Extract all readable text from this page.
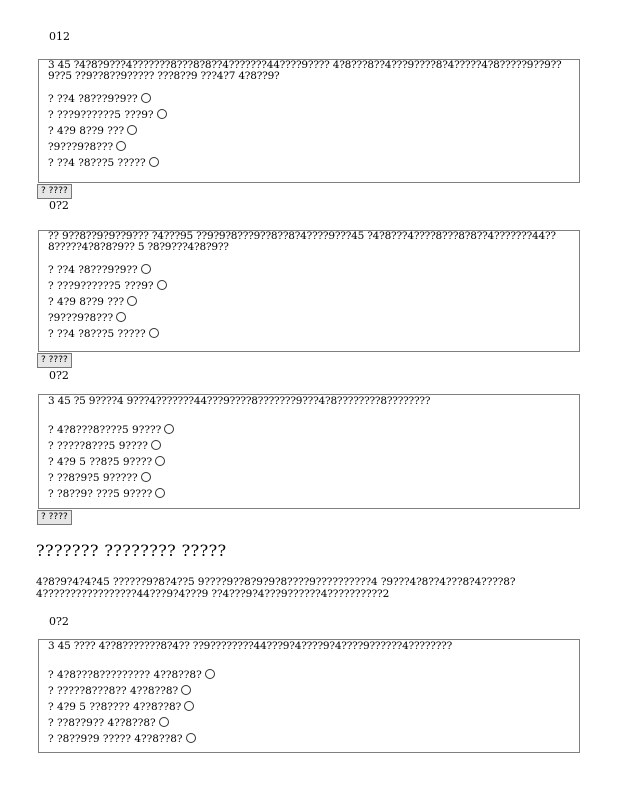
012
3 45 ?4?8?9???4???????8???8?8??4???????44????9???? 4?8???8??4???9????8?4?????4?8?????9??9??9??5 ??9??8??9????? ???8??9 ???4?7 4?8??9?
? ??4 ?8???9?9??
? ???9??????5 ???9?
? 4?9 8??9 ???
?9???9?8???
? ??4 ?8???5 ?????
? ????
0?2
?? 9??8??9?9??9??? ?4???95 ??9?9?8???9??8??8?4????9???45 ?4?8???4????8???8?8??4???????44??8?????4?8?8?9?? 5 ?8?9???4?8?9??
? ??4 ?8???9?9??
? ???9??????5 ???9?
? 4?9 8??9 ???
?9???9?8???
? ??4 ?8???5 ?????
? ????
0?2
3 45 ?5 9????4 9???4???????44???9????8???????9???4?8????????8????????
? 4?8???8????5 9????
? ?????8???5 9????
? 4?9 5 ??8?5 9????
? ??8?9?5 9?????
? ?8??9? ???5 9????
? ????
??????? ???????? ?????
4?8?9?4?4?45 ??????9?8?4??5 9????9??8?9?9?8????9??????????4 ?9???4?8??4???8?4????8?4?????????????????44???9?4???9 ??4???9?4???9??????4??????????2
0?2
3 45 ???? 4??8???????8?4?? ??9????????44???9?4????9?4????9??????4????????
? 4?8???8????????? 4??8??8?
? ?????8???8?? 4??8??8?
? 4?9 5 ??8???? 4??8??8?
? ??8??9?? 4??8??8?
? ?8??9?9 ????? 4??8??8?
